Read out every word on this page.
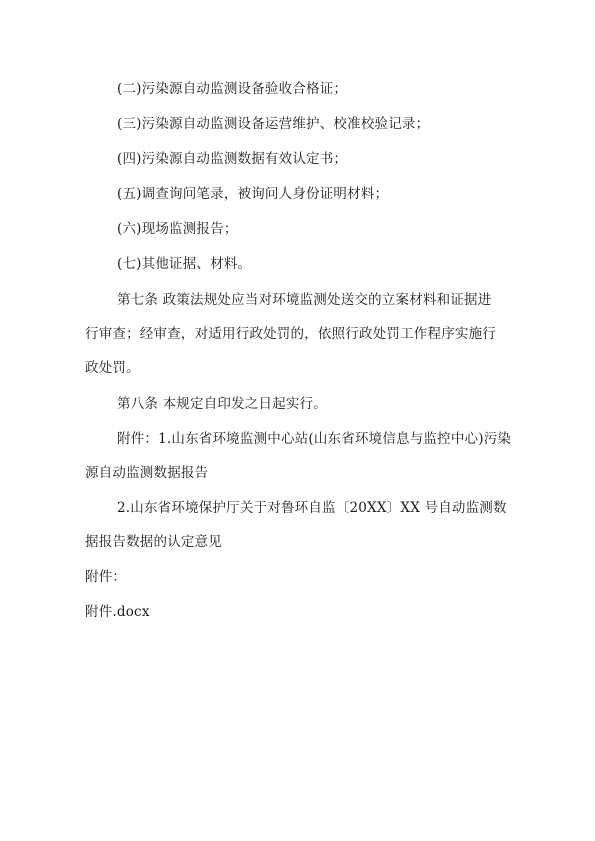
(二)污染源自动监测设备验收合格证；
(三)污染源自动监测设备运营维护、校准校验记录；
(四)污染源自动监测数据有效认定书；
(五)调查询问笔录，被询问人身份证明材料；
(六)现场监测报告；
(七)其他证据、材料。
第七条 政策法规处应当对环境监测处送交的立案材料和证据进
行审查；经审查，对适用行政处罚的，依照行政处罚工作程序实施行
政处罚。
第八条 本规定自印发之日起实行。
附件：1.山东省环境监测中心站(山东省环境信息与监控中心)污染
源自动监测数据报告
2.山东省环境保护厅关于对鲁环自监〔20XX〕XX 号自动监测数
据报告数据的认定意见
附件：
附件.docx
